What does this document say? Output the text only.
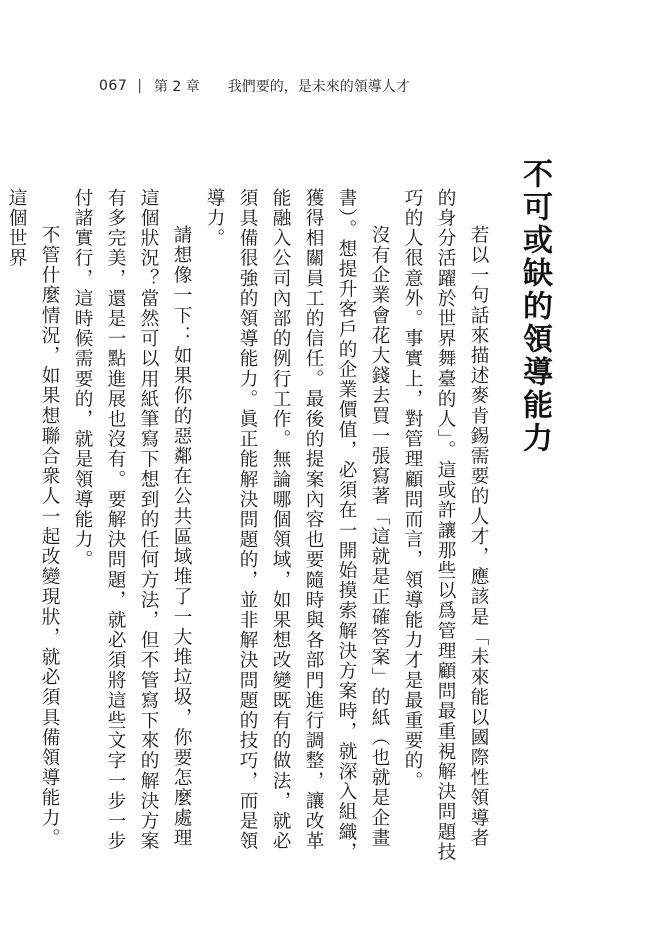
067 | 第 2 章 我們要的，是未來的領導人才
不可或缺的領導能力

若以一句話來描述麥肯錫需要的人才，應該是「未來能以國際性領導者的身分活躍於世界舞臺的人」。這或許讓那些以爲管理顧問最重視解決問題技巧的人很意外。事實上，對管理顧問而言，領導能力才是最重要的。

沒有企業會花大錢去買一張寫著「這就是正確答案」的紙（也就是企畫書）。想提升客戶的企業價值，必須在一開始摸索解決方案時，就深入組織，獲得相關員工的信任。最後的提案內容也要隨時與各部門進行調整，讓改革能融入公司內部的例行工作。無論哪個領域，如果想改變既有的做法，就必須具備很強的領導能力。眞正能解決問題的，並非解決問題的技巧，而是領導力。

請想像一下：如果你的惡鄰在公共區域堆了一大堆垃圾，你要怎麼處理這個狀況？當然可以用紙筆寫下想到的任何方法，但不管寫下來的解決方案有多完美，還是一點進展也沒有。要解決問題，就必須將這些文字一步一步付諸實行，這時候需要的，就是領導能力。

不管什麼情況，如果想聯合衆人一起改變現狀，就必須具備領導能力。這個世界
